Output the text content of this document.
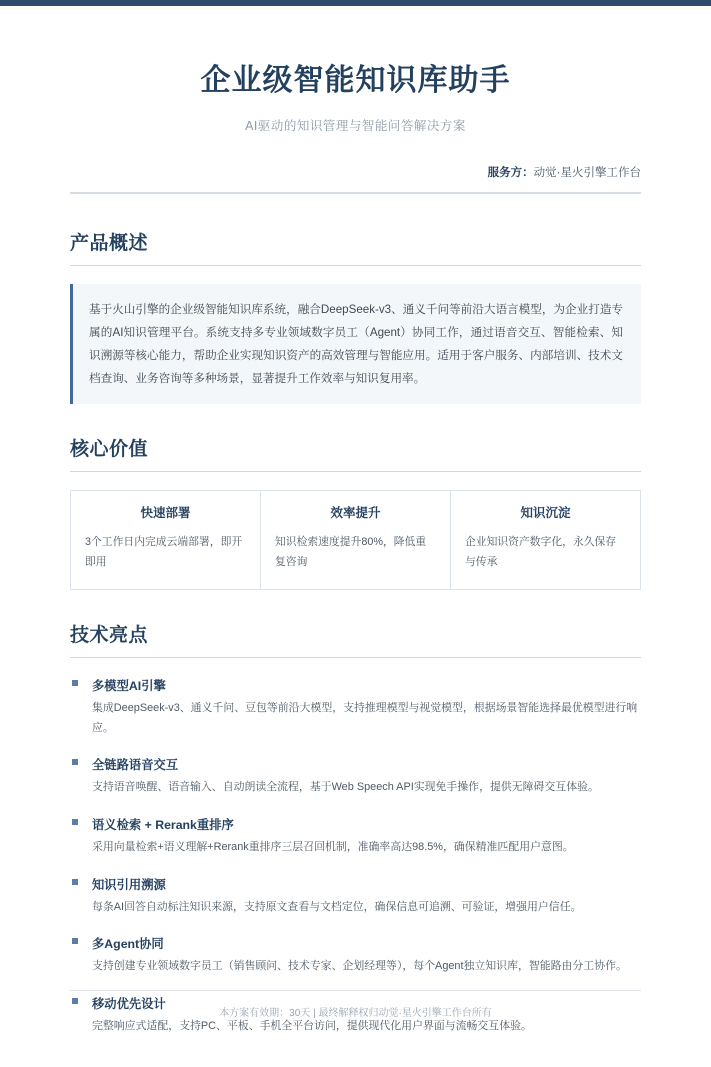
企业级智能知识库助手

AI驱动的知识管理与智能问答解决方案

服务方：动觉·星火引擎工作台
产品概述
基于火山引擎的企业级智能知识库系统，融合DeepSeek-v3、通义千问等前沿大语言模型，为企业打造专属的AI知识管理平台。系统支持多专业领域数字员工（Agent）协同工作，通过语音交互、智能检索、知识溯源等核心能力，帮助企业实现知识资产的高效管理与智能应用。适用于客户服务、内部培训、技术文档查询、业务咨询等多种场景，显著提升工作效率与知识复用率。
核心价值
快速部署
3个工作日内完成云端部署，即开即用
效率提升
知识检索速度提升80%，降低重复咨询
知识沉淀
企业知识资产数字化，永久保存与传承
技术亮点
多模型AI引擎
集成DeepSeek-v3、通义千问、豆包等前沿大模型，支持推理模型与视觉模型，根据场景智能选择最优模型进行响应。
全链路语音交互
支持语音唤醒、语音输入、自动朗读全流程，基于Web Speech API实现免手操作，提供无障碍交互体验。
语义检索 + Rerank重排序
采用向量检索+语义理解+Rerank重排序三层召回机制，准确率高达98.5%，确保精准匹配用户意图。
知识引用溯源
每条AI回答自动标注知识来源，支持原文查看与文档定位，确保信息可追溯、可验证，增强用户信任。
多Agent协同
支持创建专业领域数字员工（销售顾问、技术专家、企划经理等），每个Agent独立知识库，智能路由分工协作。
移动优先设计
完整响应式适配，支持PC、平板、手机全平台访问，提供现代化用户界面与流畅交互体验。
本方案有效期：30天 | 最终解释权归动觉·星火引擎工作台所有
